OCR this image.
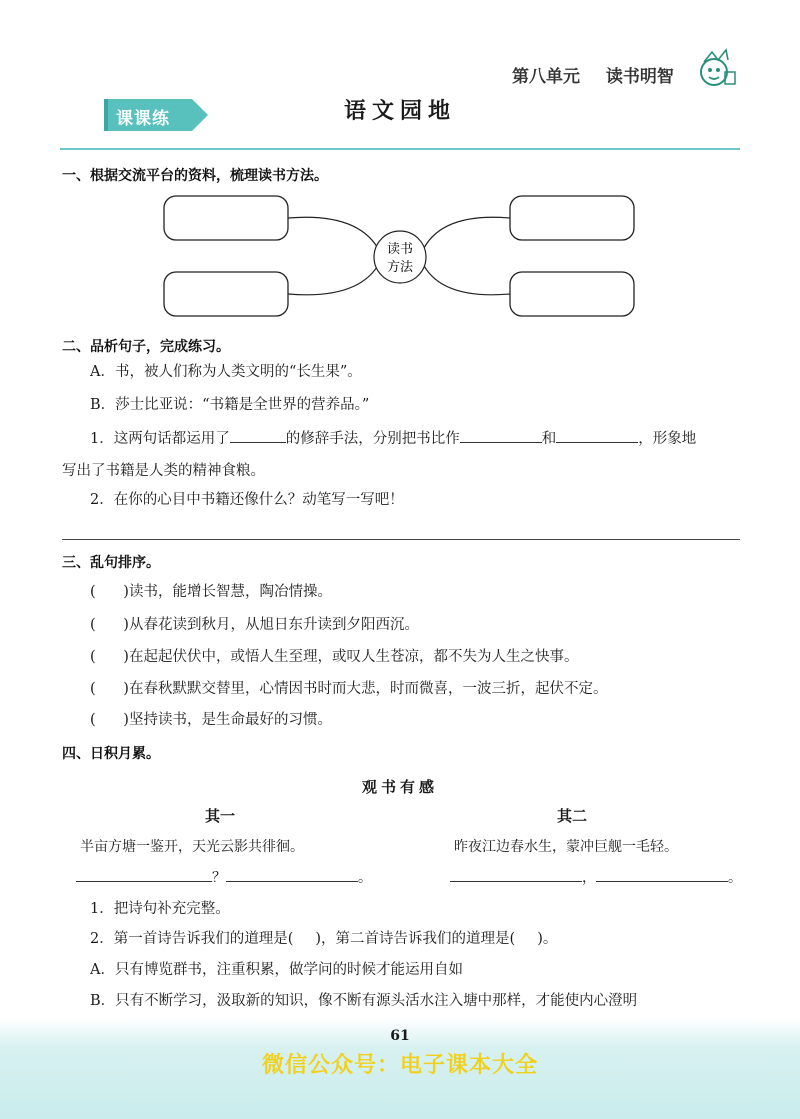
第八单元 读书明智
课课练	语文园地
一、根据交流平台的资料，梳理读书方法。
读书
方法
二、品析句子，完成练习。
A．书，被人们称为人类文明的“长生果”。
B．莎士比亚说：“书籍是全世界的营养品。”
1．这两句话都运用了	的修辞手法，分别把书比作	和	，形象地
写出了书籍是人类的精神食粮。
2．在你的心目中书籍还像什么？动笔写一写吧！
三、乱句排序。
(      )读书，能增长智慧，陶冶情操。
(      )从春花读到秋月，从旭日东升读到夕阳西沉。
(      )在起起伏伏中，或悟人生至理，或叹人生苍凉，都不失为人生之快事。
(      )在春秋默默交替里，心情因书时而大悲，时而微喜，一波三折，起伏不定。
(      )坚持读书，是生命最好的习惯。
四、日积月累。
观书有感
其一	其二
半亩方塘一鉴开，天光云影共徘徊。	昨夜江边春水生，蒙冲巨舰一毛轻。
？	。	，	。
1．把诗句补充完整。
2．第一首诗告诉我们的道理是( )，第二首诗告诉我们的道理是( )。
A．只有博览群书，注重积累，做学问的时候才能运用自如
B．只有不断学习，汲取新的知识，像不断有源头活水注入塘中那样，才能使内心澄明
61
微信公众号：电子课本大全
